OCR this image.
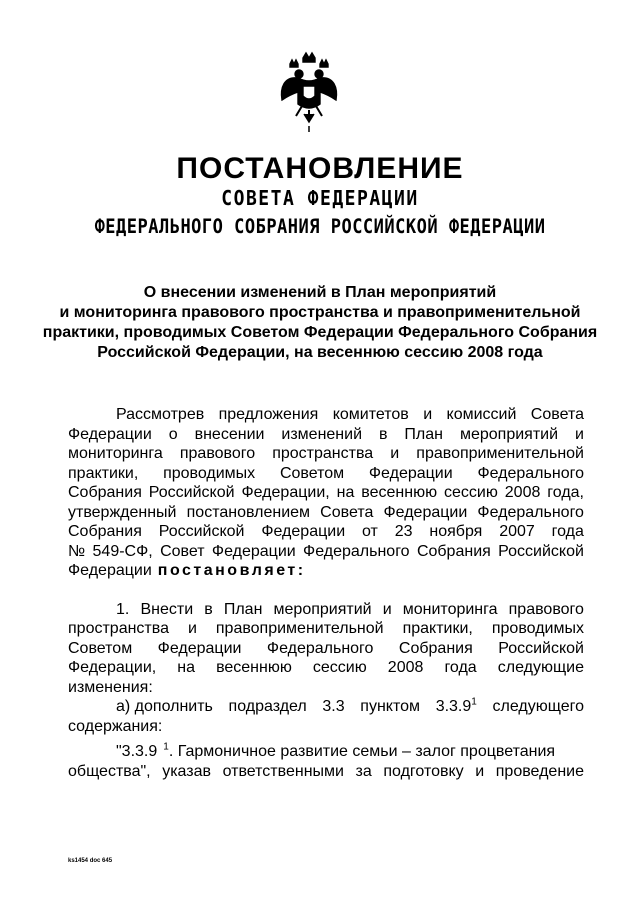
ПОСТАНОВЛЕНИЕ
СОВЕТА ФЕДЕРАЦИИ
ФЕДЕРАЛЬНОГО СОБРАНИЯ РОССИЙСКОЙ ФЕДЕРАЦИИ
О внесении изменений в План мероприятий
и мониторинга правового пространства и правоприменительной
практики, проводимых Советом Федерации Федерального Собрания
Российской Федерации, на весеннюю сессию 2008 года
Рассмотрев предложения комитетов и комиссий Совета
Федерации о внесении изменений в План мероприятий и
мониторинга правового пространства и правоприменительной
практики, проводимых Советом Федерации Федерального
Собрания Российской Федерации, на весеннюю сессию 2008 года,
утвержденный постановлением Совета Федерации Федерального
Собрания Российской Федерации от 23 ноября 2007 года
№ 549-СФ, Совет Федерации Федерального Собрания Российской
Федерации постановляет:
1. Внести в План мероприятий и мониторинга правового
пространства и правоприменительной практики, проводимых
Советом Федерации Федерального Собрания Российской
Федерации, на весеннюю сессию 2008 года следующие
изменения:
а) дополнить подраздел 3.3 пунктом 3.3.9$^1$ следующего
содержания:
"3.3.9 $^1$. Гармоничное развитие семьи – залог процветания
общества", указав ответственными за подготовку и проведение
ks1454 doc 645
